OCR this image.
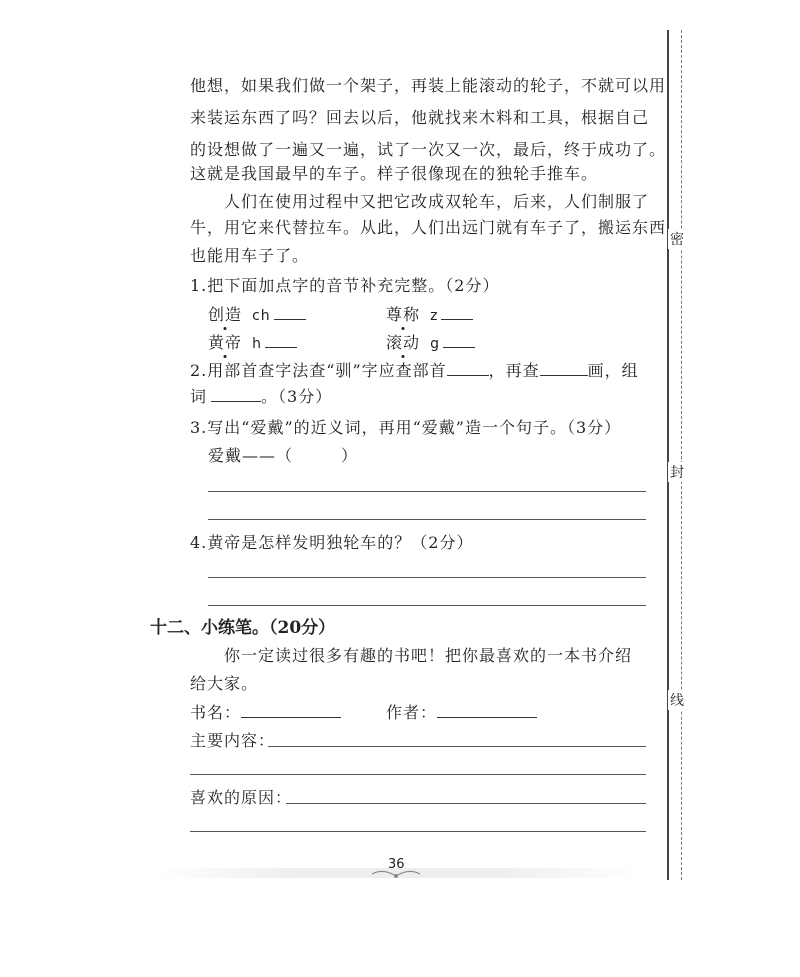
他想，如果我们做一个架子，再装上能滚动的轮子，不就可以用
来装运东西了吗？回去以后，他就找来木料和工具，根据自己
的设想做了一遍又一遍，试了一次又一次，最后，终于成功了。
这就是我国最早的车子。样子很像现在的独轮手推车。
人们在使用过程中又把它改成双轮车，后来，人们制服了
牛，用它来代替拉车。从此，人们出远门就有车子了，搬运东西
也能用车子了。
1.把下面加点字的音节补充完整。（2分）
创造 ch	尊称 z
黄帝 h	滚动 g
2.用部首查字法查“驯”字应查部首	，再查	画，组
词	。（3分）
3.写出“爱戴”的近义词，再用“爱戴”造一个句子。（3分）
爱戴——（	）
4.黄帝是怎样发明独轮车的？（2分）
十二、小练笔。（20分）
你一定读过很多有趣的书吧！把你最喜欢的一本书介绍
给大家。
书名：	作者：
主要内容：
喜欢的原因：
36
密
封
线
